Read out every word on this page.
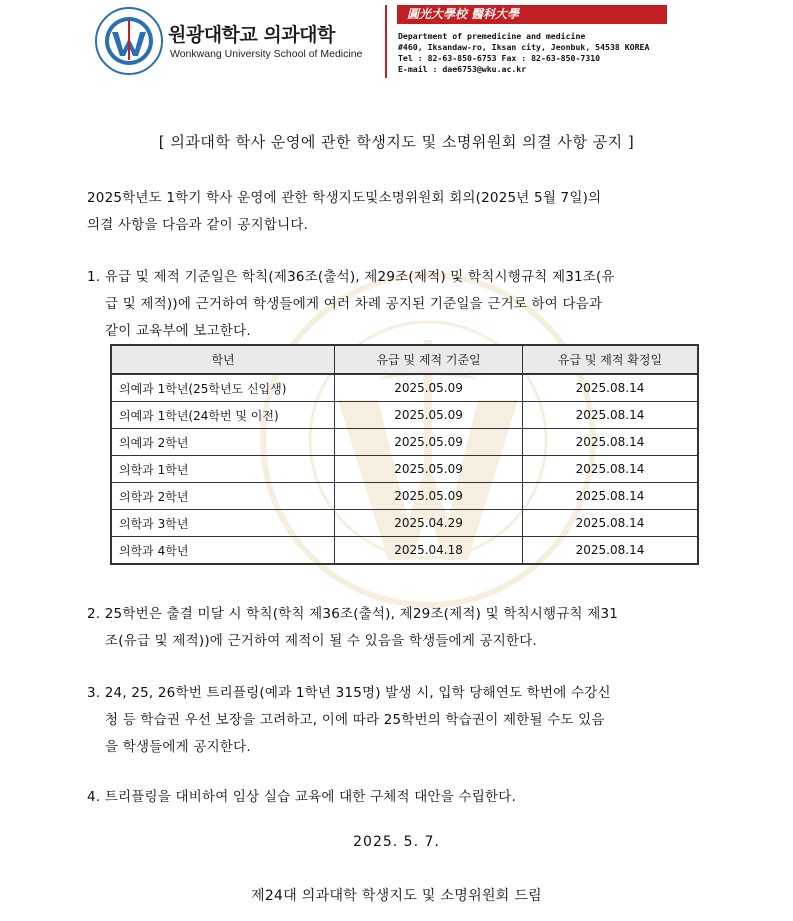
원광대학교 의과대학
Wonkwang University School of Medicine
圓光大學校 醫科大學
Department of premedicine and medicine
#460, Iksandaw-ro, Iksan city, Jeonbuk, 54538 KOREA
Tel : 82-63-850-6753 Fax : 82-63-850-7310
E-mail : dae6753@wku.ac.kr
[ 의과대학 학사 운영에 관한 학생지도 및 소명위원회 의결 사항 공지 ]
2025학년도 1학기 학사 운영에 관한 학생지도및소명위원회 회의(2025년 5월 7일)의
의결 사항을 다음과 같이 공지합니다.
1. 유급 및 제적 기준일은 학칙(제36조(출석), 제29조(제적) 및 학칙시행규칙 제31조(유
급 및 제적))에 근거하여 학생들에게 여러 차례 공지된 기준일을 근거로 하여 다음과
같이 교육부에 보고한다.
학년	유급 및 제적 기준일	유급 및 제적 확정일
의예과 1학년(25학년도 신입생)	2025.05.09	2025.08.14
의예과 1학년(24학번 및 이전)	2025.05.09	2025.08.14
의예과 2학년	2025.05.09	2025.08.14
의학과 1학년	2025.05.09	2025.08.14
의학과 2학년	2025.05.09	2025.08.14
의학과 3학년	2025.04.29	2025.08.14
의학과 4학년	2025.04.18	2025.08.14
2. 25학번은 출결 미달 시 학칙(학칙 제36조(출석), 제29조(제적) 및 학칙시행규칙 제31
조(유급 및 제적))에 근거하여 제적이 될 수 있음을 학생들에게 공지한다.
3. 24, 25, 26학번 트리플링(예과 1학년 315명) 발생 시, 입학 당해연도 학번에 수강신
청 등 학습권 우선 보장을 고려하고, 이에 따라 25학번의 학습권이 제한될 수도 있음
을 학생들에게 공지한다.
4. 트리플링을 대비하여 임상 실습 교육에 대한 구체적 대안을 수립한다.
2025. 5. 7.
제24대 의과대학 학생지도 및 소명위원회 드림
